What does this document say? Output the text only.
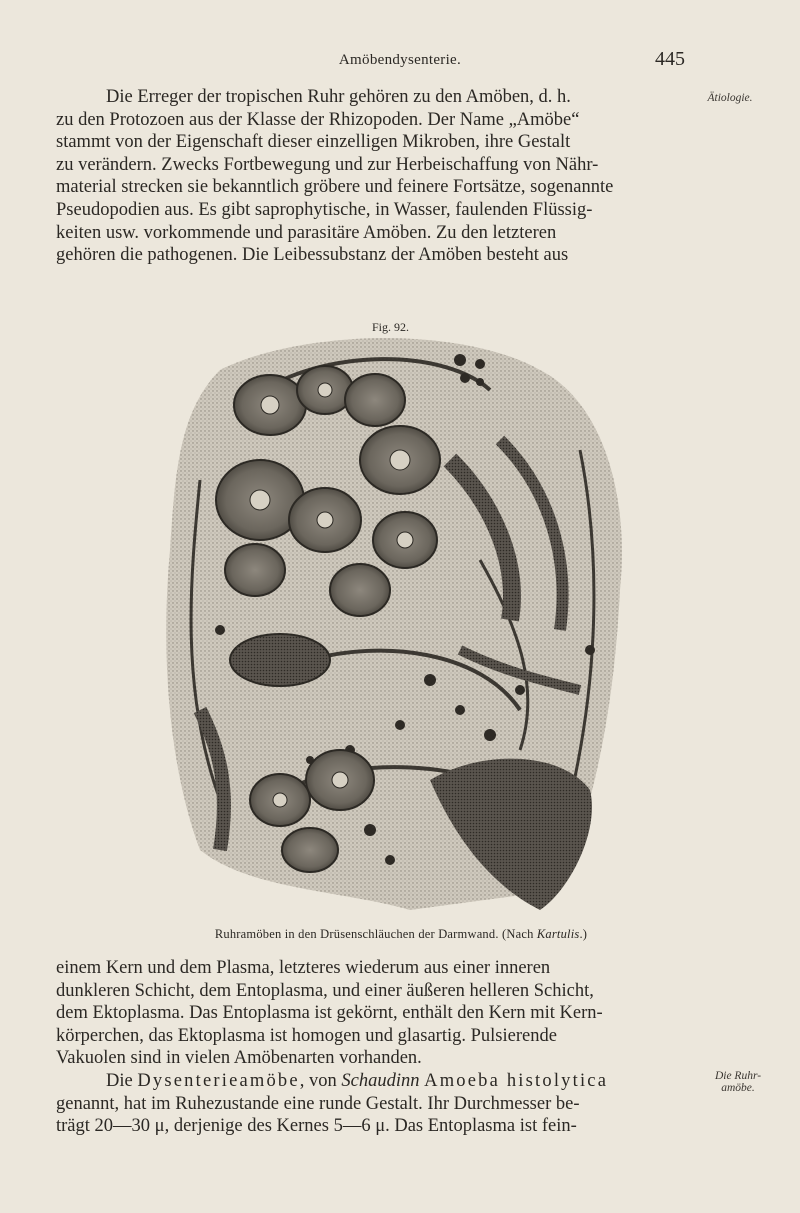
Amöbendysenterie.	445
Ätiologie.
Die Erreger der tropischen Ruhr gehören zu den Amöben, d. h.
zu den Protozoen aus der Klasse der Rhizopoden. Der Name „Amöbe“
stammt von der Eigenschaft dieser einzelligen Mikroben, ihre Gestalt
zu verändern. Zwecks Fortbewegung und zur Herbeischaffung von Nähr-
material strecken sie bekanntlich gröbere und feinere Fortsätze, sogenannte
Pseudopodien aus. Es gibt saprophytische, in Wasser, faulenden Flüssig-
keiten usw. vorkommende und parasitäre Amöben. Zu den letzteren
gehören die pathogenen. Die Leibessubstanz der Amöben besteht aus
Fig. 92.
Ruhramöben in den Drüsenschläuchen der Darmwand. (Nach Kartulis.)
einem Kern und dem Plasma, letzteres wiederum aus einer inneren
dunkleren Schicht, dem Entoplasma, und einer äußeren helleren Schicht,
dem Ektoplasma. Das Entoplasma ist gekörnt, enthält den Kern mit Kern-
körperchen, das Ektoplasma ist homogen und glasartig. Pulsierende
Vakuolen sind in vielen Amöbenarten vorhanden.
Die Ruhr-
amöbe.
Die Dysenterieamöbe, von Schaudinn Amoeba histolytica
genannt, hat im Ruhezustande eine runde Gestalt. Ihr Durchmesser be-
trägt 20—30 μ, derjenige des Kernes 5—6 μ. Das Entoplasma ist fein-
